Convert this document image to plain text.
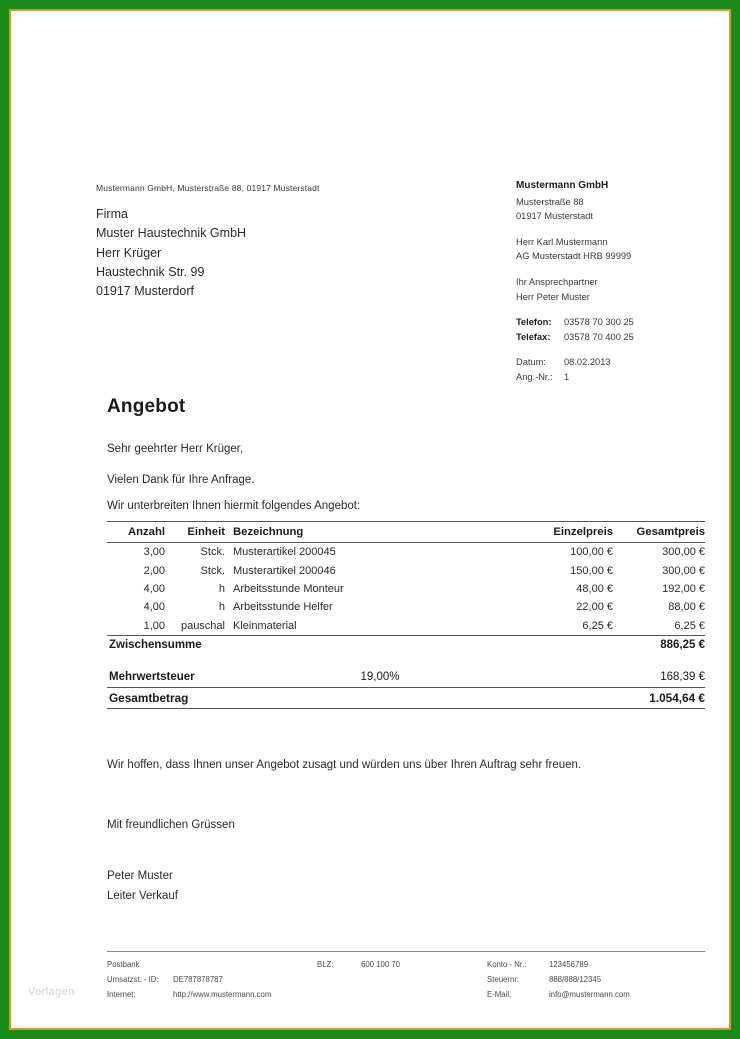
Mustermann GmbH, Musterstraße 88, 01917 Musterstadt
Firma
Muster Haustechnik GmbH
Herr Krüger
Haustechnik Str. 99
01917 Musterdorf
Mustermann GmbH
Musterstraße 88
01917 Musterstadt
Herr Karl Mustermann
AG Musterstadt HRB 99999
Ihr Ansprechpartner
Herr Peter Muster
Telefon:	03578 70 300 25
Telefax:	03578 70 400 25
Datum:	08.02.2013
Ang.-Nr.:	1
Angebot
Sehr geehrter Herr Krüger,
Vielen Dank für Ihre Anfrage.
Wir unterbreiten Ihnen hiermit folgendes Angebot:
Anzahl	Einheit	Bezeichnung	Einzelpreis	Gesamtpreis
3,00	Stck.	Musterartikel 200045	100,00 €	300,00 €
2,00	Stck.	Musterartikel 200046	150,00 €	300,00 €
4,00	h	Arbeitsstunde Monteur	48,00 €	192,00 €
4,00	h	Arbeitsstunde Helfer	22,00 €	88,00 €
1,00	pauschal	Kleinmaterial	6,25 €	6,25 €
Zwischensumme				886,25 €

Mehrwertsteuer		19,00%		168,39 €
Gesamtbetrag				1.054,64 €
Wir hoffen, dass Ihnen unser Angebot zusagt und würden uns über Ihren Auftrag sehr freuen.
Mit freundlichen Grüssen
Peter Muster
Leiter Verkauf
Postbank	BLZ:	600 100 70	Konto - Nr.:	123456789
Umsatzst. - ID:	DE787878787	Steuernr:	888/888/12345
Internet:	http://www.mustermann.com	E-Mail:	info@mustermann.com
Vorlagen
